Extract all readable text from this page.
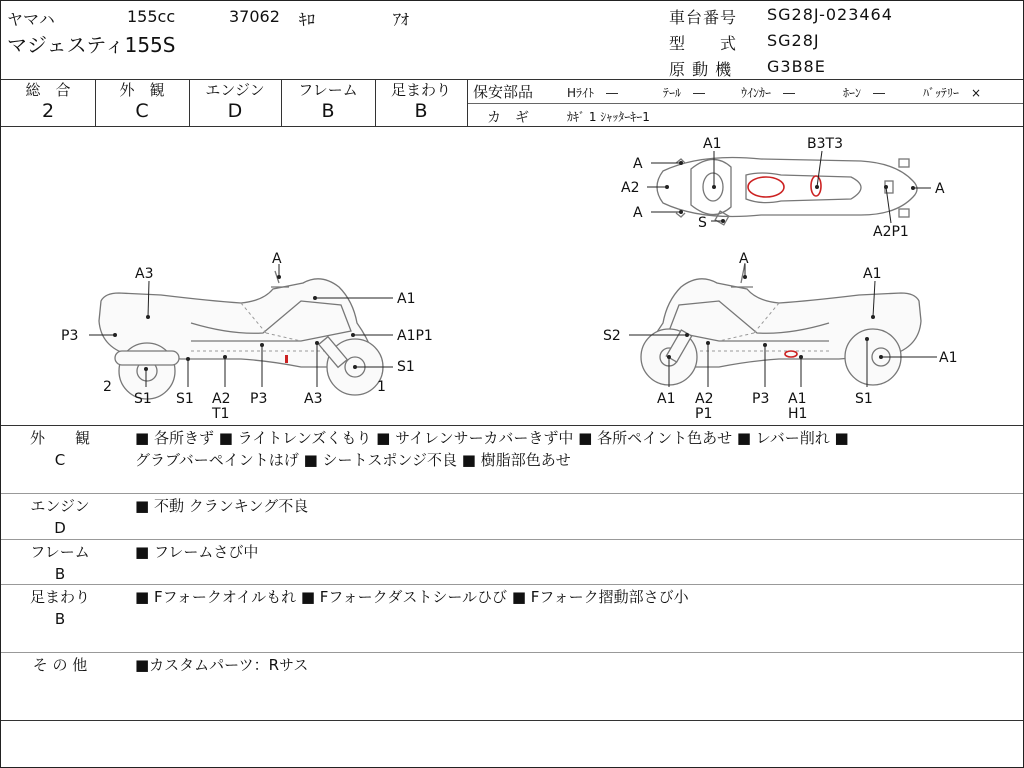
ヤマハ	155cc	37062 ｷﾛ	ｱｵ
マジェスティ155S
車台番号 SG28J-023464
型　　式 SG28J
原 動 機 G3B8E
総　合
2
外　観
C
エンジン
D
フレーム
B
足まわり
B
保安部品	Hﾗｲﾄ　―	ﾃｰﾙ　―	ｳｲﾝｶｰ　―	ﾎｰﾝ　―	ﾊﾞｯﾃﾘｰ　×
カ　ギ	ｶｷﾞ 1 ｼｬｯﾀｰｷｰ1
A
A1	B3T3
A2	A
A
S
A2P1
A3
A
A1
P3	A1P1
S1
2	1
S1 S1 A2
T1
P3	A3
A
A1
S2
A1
A1 A2
P1
P3 A1
H1
S1
外　　観
C
■ 各所きず ■ ライトレンズくもり ■ サイレンサーカバーきず中 ■ 各所ペイント色あせ ■ レバー削れ ■
グラブバーペイントはげ ■ シートスポンジ不良 ■ 樹脂部色あせ
エンジン
D
■ 不動 クランキング不良
フレーム
B
■ フレームさび中
足まわり
B
■ Fフォークオイルもれ ■ Fフォークダストシールひび ■ Fフォーク摺動部さび小
そ の 他	■カスタムパーツ：Rサス
